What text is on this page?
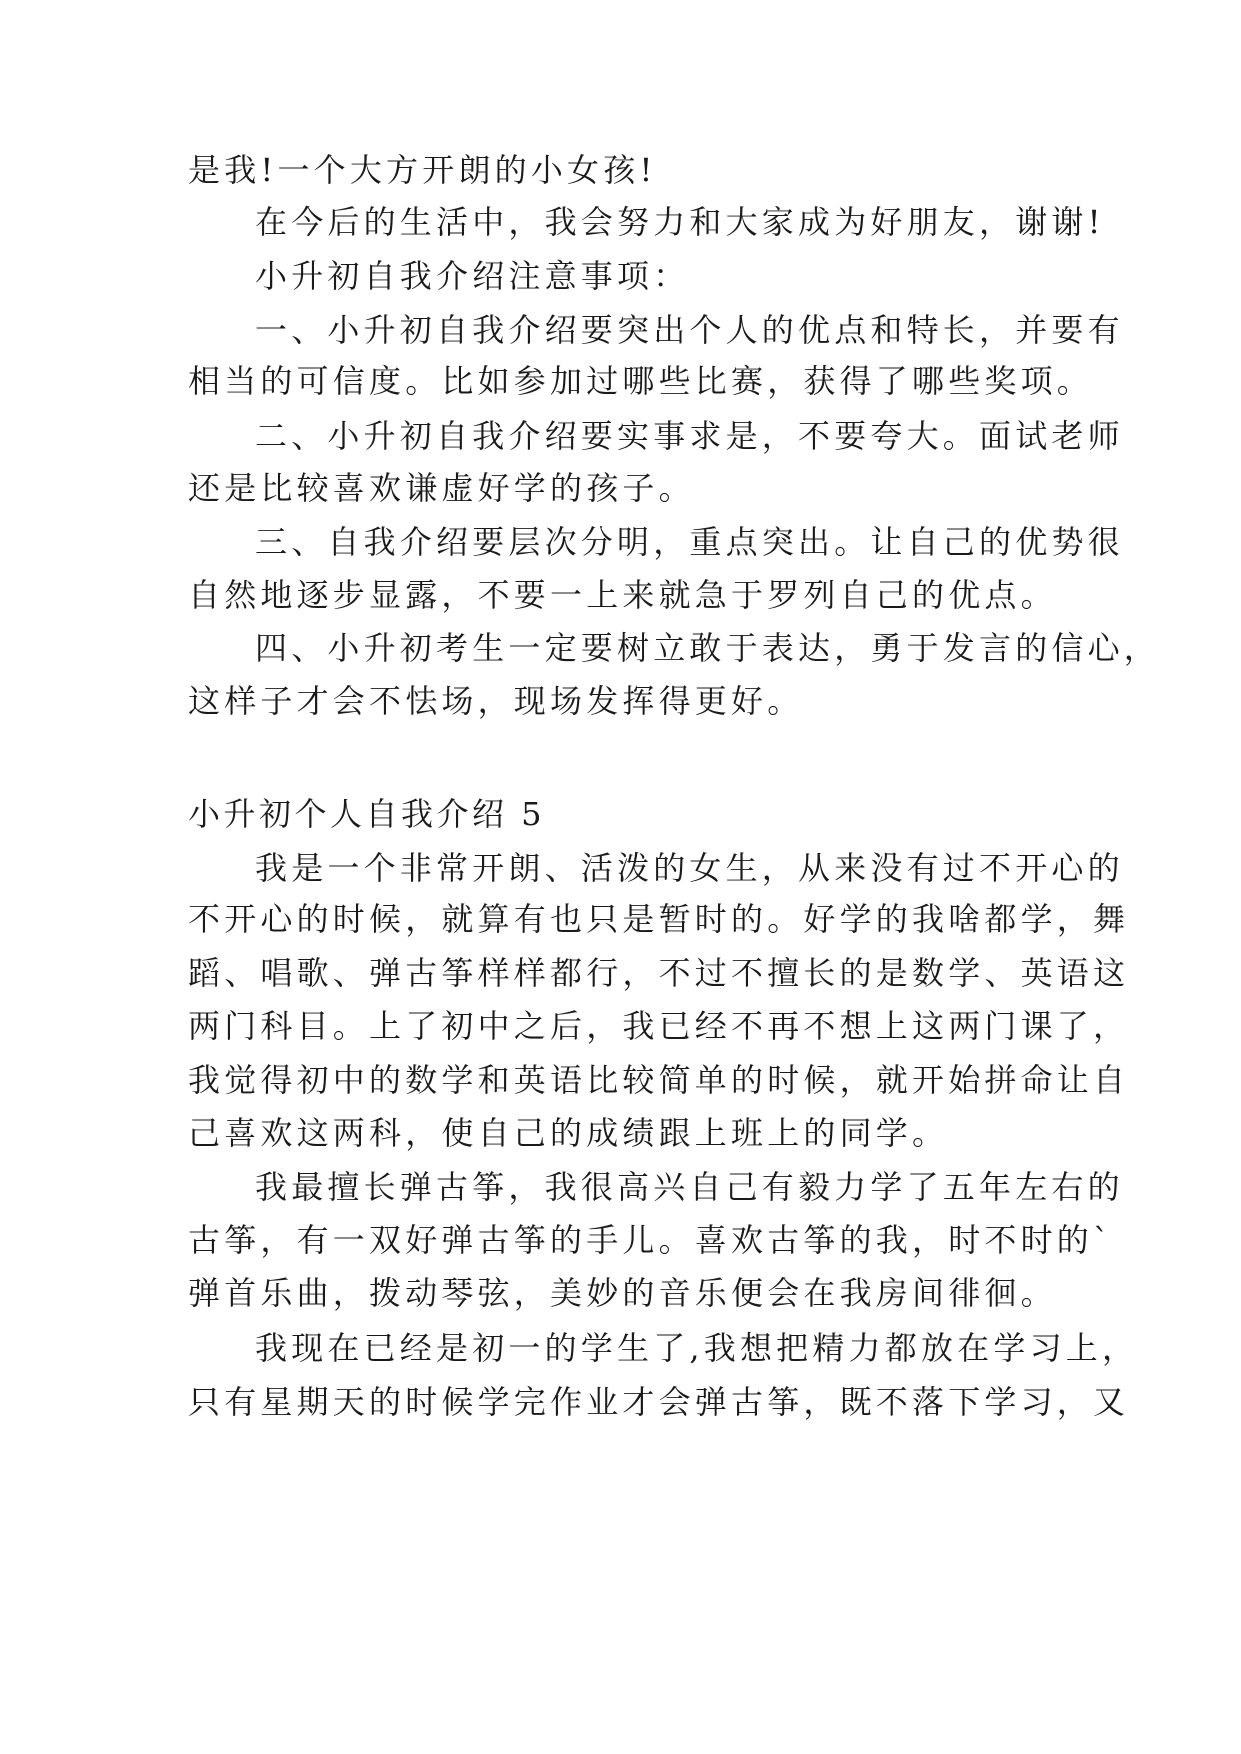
是我!一个大方开朗的小女孩!
在今后的生活中，我会努力和大家成为好朋友，谢谢!
小升初自我介绍注意事项：
一、小升初自我介绍要突出个人的优点和特长，并要有
相当的可信度。比如参加过哪些比赛，获得了哪些奖项。
二、小升初自我介绍要实事求是，不要夸大。面试老师
还是比较喜欢谦虚好学的孩子。
三、自我介绍要层次分明，重点突出。让自己的优势很
自然地逐步显露，不要一上来就急于罗列自己的优点。
四、小升初考生一定要树立敢于表达，勇于发言的信心，
这样子才会不怯场，现场发挥得更好。
小升初个人自我介绍 5
我是一个非常开朗、活泼的女生，从来没有过不开心的
不开心的时候，就算有也只是暂时的。好学的我啥都学，舞
蹈、唱歌、弹古筝样样都行，不过不擅长的是数学、英语这
两门科目。上了初中之后，我已经不再不想上这两门课了，
我觉得初中的数学和英语比较简单的时候，就开始拼命让自
己喜欢这两科，使自己的成绩跟上班上的同学。
我最擅长弹古筝，我很高兴自己有毅力学了五年左右的
古筝，有一双好弹古筝的手儿。喜欢古筝的我，时不时的`
弹首乐曲，拨动琴弦，美妙的音乐便会在我房间徘徊。
我现在已经是初一的学生了,我想把精力都放在学习上，
只有星期天的时候学完作业才会弹古筝，既不落下学习，又
